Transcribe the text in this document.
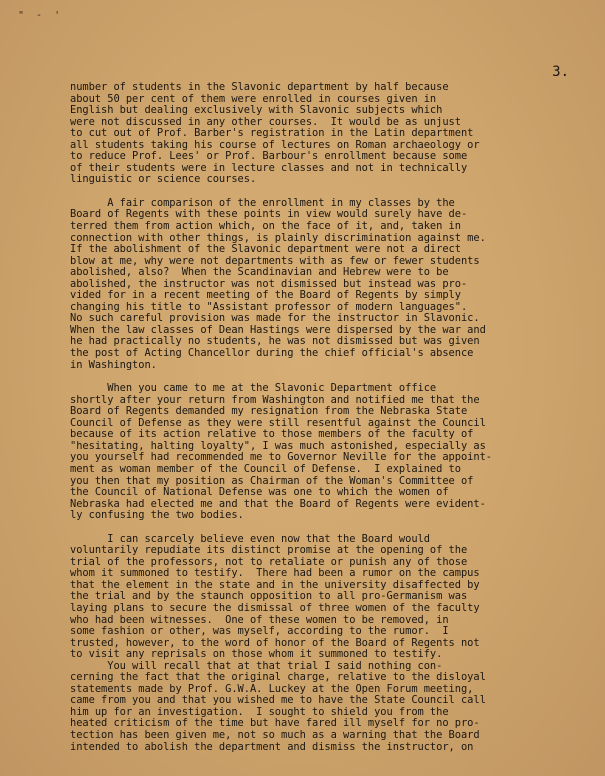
" - '
3.
number of students in the Slavonic department by half because
about 50 per cent of them were enrolled in courses given in
English but dealing exclusively with Slavonic subjects which
were not discussed in any other courses.  It would be as unjust
to cut out of Prof. Barber's registration in the Latin department
all students taking his course of lectures on Roman archaeology or
to reduce Prof. Lees' or Prof. Barbour's enrollment because some
of their students were in lecture classes and not in technically
linguistic or science courses.
A fair comparison of the enrollment in my classes by the
Board of Regents with these points in view would surely have de-
terred them from action which, on the face of it, and, taken in
connection with other things, is plainly discrimination against me.
If the abolishment of the Slavonic department were not a direct
blow at me, why were not departments with as few or fewer students
abolished, also?  When the Scandinavian and Hebrew were to be
abolished, the instructor was not dismissed but instead was pro-
vided for in a recent meeting of the Board of Regents by simply
changing his title to "Assistant professor of modern languages".
No such careful provision was made for the instructor in Slavonic.
When the law classes of Dean Hastings were dispersed by the war and
he had practically no students, he was not dismissed but was given
the post of Acting Chancellor during the chief official's absence
in Washington.
When you came to me at the Slavonic Department office
shortly after your return from Washington and notified me that the
Board of Regents demanded my resignation from the Nebraska State
Council of Defense as they were still resentful against the Council
because of its action relative to those members of the faculty of
"hesitating, halting loyalty", I was much astonished, especially as
you yourself had recommended me to Governor Neville for the appoint-
ment as woman member of the Council of Defense.  I explained to
you then that my position as Chairman of the Woman's Committee of
the Council of National Defense was one to which the women of
Nebraska had elected me and that the Board of Regents were evident-
ly confusing the two bodies.
I can scarcely believe even now that the Board would
voluntarily repudiate its distinct promise at the opening of the
trial of the professors, not to retaliate or punish any of those
whom it summoned to testify.  There had been a rumor on the campus
that the element in the state and in the university disaffected by
the trial and by the staunch opposition to all pro-Germanism was
laying plans to secure the dismissal of three women of the faculty
who had been witnesses.  One of these women to be removed, in
some fashion or other, was myself, according to the rumor.  I
trusted, however, to the word of honor of the Board of Regents not
to visit any reprisals on those whom it summoned to testify.
You will recall that at that trial I said nothing con-
cerning the fact that the original charge, relative to the disloyal
statements made by Prof. G.W.A. Luckey at the Open Forum meeting,
came from you and that you wished me to have the State Council call
him up for an investigation.  I sought to shield you from the
heated criticism of the time but have fared ill myself for no pro-
tection has been given me, not so much as a warning that the Board
intended to abolish the department and dismiss the instructor, on
